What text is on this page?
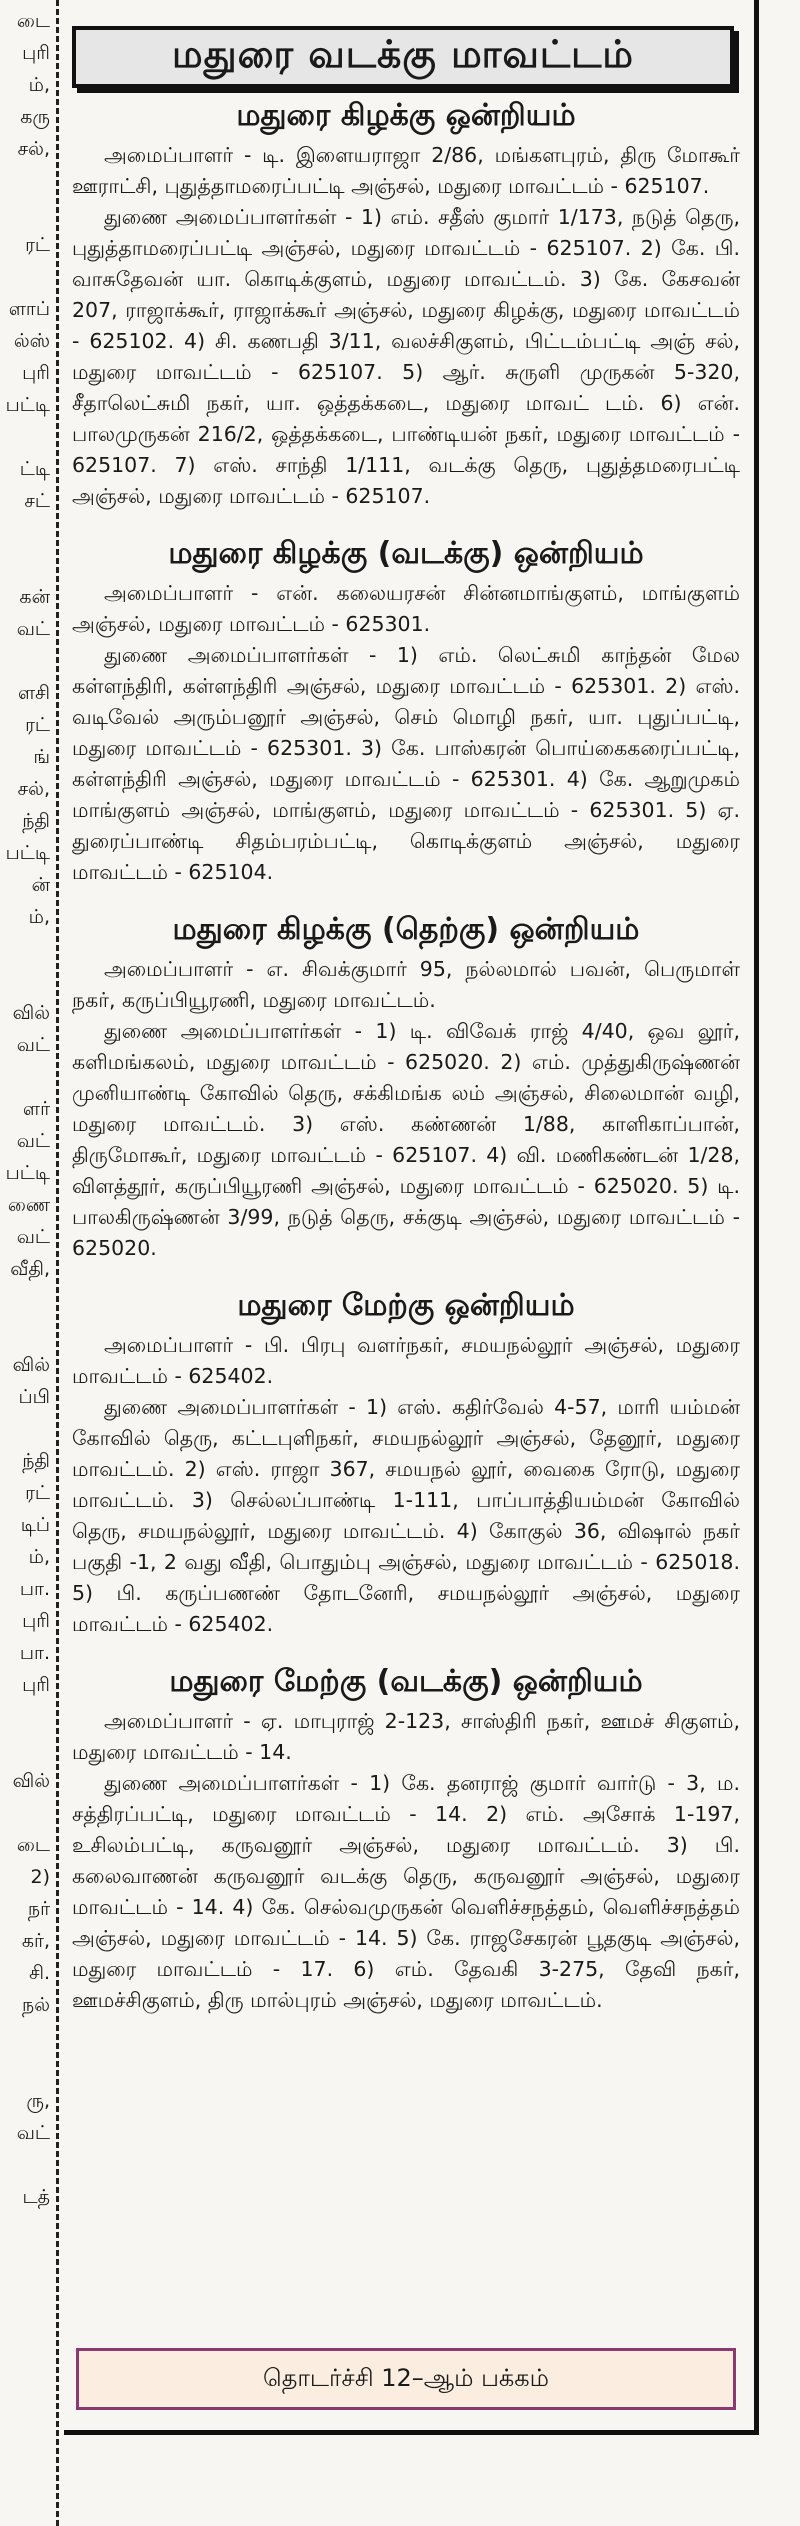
டை
புரி
ம்,
கரு
சல்,
ரட்
ளாப்
ல்ஸ்
புரி
பட்டி
ட்டி
சட்
கன்
வட்
ளசி
ரட்
ங்
சல்,
ந்தி
பட்டி
ன்
ம்,
வில்
வட்
ளர்
வட்
பட்டி
ணை
வட்
வீதி,
வில்
ப்பி
ந்தி
ரட்
டிப்
ம்,
பா.
புரி
பா.
புரி
வில்
டை
2)
நர்
கர்,
சி.
நல்
ரு,
வட்
டத்
மதுரை வடக்கு மாவட்டம்
மதுரை கிழக்கு ஒன்றியம்

அமைப்பாளர் - டி. இளையராஜா 2/86, மங்களபுரம், திரு மோகூர் ஊராட்சி, புதுத்தாமரைப்பட்டி அஞ்சல், மதுரை மாவட்டம் - 625107.

துணை அமைப்பாளர்கள் - 1) எம். சதீஸ் குமார் 1/173, நடுத் தெரு, புதுத்தாமரைப்பட்டி அஞ்சல், மதுரை மாவட்டம் - 625107. 2) கே. பி. வாசுதேவன் யா. கொடிக்குளம், மதுரை மாவட்டம். 3) கே. கேசவன் 207, ராஜாக்கூர், ராஜாக்கூர் அஞ்சல், மதுரை கிழக்கு, மதுரை மாவட்டம் - 625102. 4) சி. கணபதி 3/11, வலச்சிகுளம், பிட்டம்பட்டி அஞ் சல், மதுரை மாவட்டம் - 625107. 5) ஆர். சுருளி முருகன் 5-320, சீதாலெட்சுமி நகர், யா. ஒத்தக்கடை, மதுரை மாவட் டம். 6) என். பாலமுருகன் 216/2, ஒத்தக்கடை, பாண்டியன் நகர், மதுரை மாவட்டம் - 625107. 7) எஸ். சாந்தி 1/111, வடக்கு தெரு, புதுத்தமரைபட்டி அஞ்சல், மதுரை மாவட்டம் - 625107.

மதுரை கிழக்கு (வடக்கு) ஒன்றியம்

அமைப்பாளர் - என். கலையரசன் சின்னமாங்குளம், மாங்குளம் அஞ்சல், மதுரை மாவட்டம் - 625301.

துணை அமைப்பாளர்கள் - 1) எம். லெட்சுமி காந்தன் மேல கள்ளந்திரி, கள்ளந்திரி அஞ்சல், மதுரை மாவட்டம் - 625301. 2) எஸ். வடிவேல் அரும்பனூர் அஞ்சல், செம் மொழி நகர், யா. புதுப்பட்டி, மதுரை மாவட்டம் - 625301. 3) கே. பாஸ்கரன் பொய்கைகரைப்பட்டி, கள்ளந்திரி அஞ்சல், மதுரை மாவட்டம் - 625301. 4) கே. ஆறுமுகம் மாங்குளம் அஞ்சல், மாங்குளம், மதுரை மாவட்டம் - 625301. 5) ஏ. துரைப்பாண்டி சிதம்பரம்பட்டி, கொடிக்குளம் அஞ்சல், மதுரை மாவட்டம் - 625104.

மதுரை கிழக்கு (தெற்கு) ஒன்றியம்

அமைப்பாளர் - எ. சிவக்குமார் 95, நல்லமால் பவன், பெருமாள் நகர், கருப்பியூரணி, மதுரை மாவட்டம்.

துணை அமைப்பாளர்கள் - 1) டி. விவேக் ராஜ் 4/40, ஒவ லூர், களிமங்கலம், மதுரை மாவட்டம் - 625020. 2) எம். முத்துகிருஷ்ணன் முனியாண்டி கோவில் தெரு, சக்கிமங்க லம் அஞ்சல், சிலைமான் வழி, மதுரை மாவட்டம். 3) எஸ். கண்ணன் 1/88, காளிகாப்பான், திருமோகூர், மதுரை மாவட்டம் - 625107. 4) வி. மணிகண்டன் 1/28, விளத்தூர், கருப்பியூரணி அஞ்சல், மதுரை மாவட்டம் - 625020. 5) டி. பாலகிருஷ்ணன் 3/99, நடுத் தெரு, சக்குடி அஞ்சல், மதுரை மாவட்டம் - 625020.

மதுரை மேற்கு ஒன்றியம்

அமைப்பாளர் - பி. பிரபு வளர்நகர், சமயநல்லூர் அஞ்சல், மதுரை மாவட்டம் - 625402.

துணை அமைப்பாளர்கள் - 1) எஸ். கதிர்வேல் 4-57, மாரி யம்மன் கோவில் தெரு, கட்டபுளிநகர், சமயநல்லூர் அஞ்சல், தேனூர், மதுரை மாவட்டம். 2) எஸ். ராஜா 367, சமயநல் லூர், வைகை ரோடு, மதுரை மாவட்டம். 3) செல்லப்பாண்டி 1-111, பாப்பாத்தியம்மன் கோவில் தெரு, சமயநல்லூர், மதுரை மாவட்டம். 4) கோகுல் 36, விஷால் நகர் பகுதி -1, 2 வது வீதி, பொதும்பு அஞ்சல், மதுரை மாவட்டம் - 625018. 5) பி. கருப்பணண் தோடனேரி, சமயநல்லூர் அஞ்சல், மதுரை மாவட்டம் - 625402.

மதுரை மேற்கு (வடக்கு) ஒன்றியம்

அமைப்பாளர் - ஏ. மாபுராஜ் 2-123, சாஸ்திரி நகர், ஊமச் சிகுளம், மதுரை மாவட்டம் - 14.

துணை அமைப்பாளர்கள் - 1) கே. தனராஜ் குமார் வார்டு - 3, ம. சத்திரப்பட்டி, மதுரை மாவட்டம் - 14. 2) எம். அசோக் 1-197, உசிலம்பட்டி, கருவனூர் அஞ்சல், மதுரை மாவட்டம். 3) பி. கலைவாணன் கருவனூர் வடக்கு தெரு, கருவனூர் அஞ்சல், மதுரை மாவட்டம் - 14. 4) கே. செல்வமுருகன் வெளிச்சநத்தம், வெளிச்சநத்தம் அஞ்சல், மதுரை மாவட்டம் - 14. 5) கே. ராஜசேகரன் பூதகுடி அஞ்சல், மதுரை மாவட்டம் - 17. 6) எம். தேவகி 3-275, தேவி நகர், ஊமச்சிகுளம், திரு மால்புரம் அஞ்சல், மதுரை மாவட்டம்.

தொடர்ச்சி 12–ஆம் பக்கம்
